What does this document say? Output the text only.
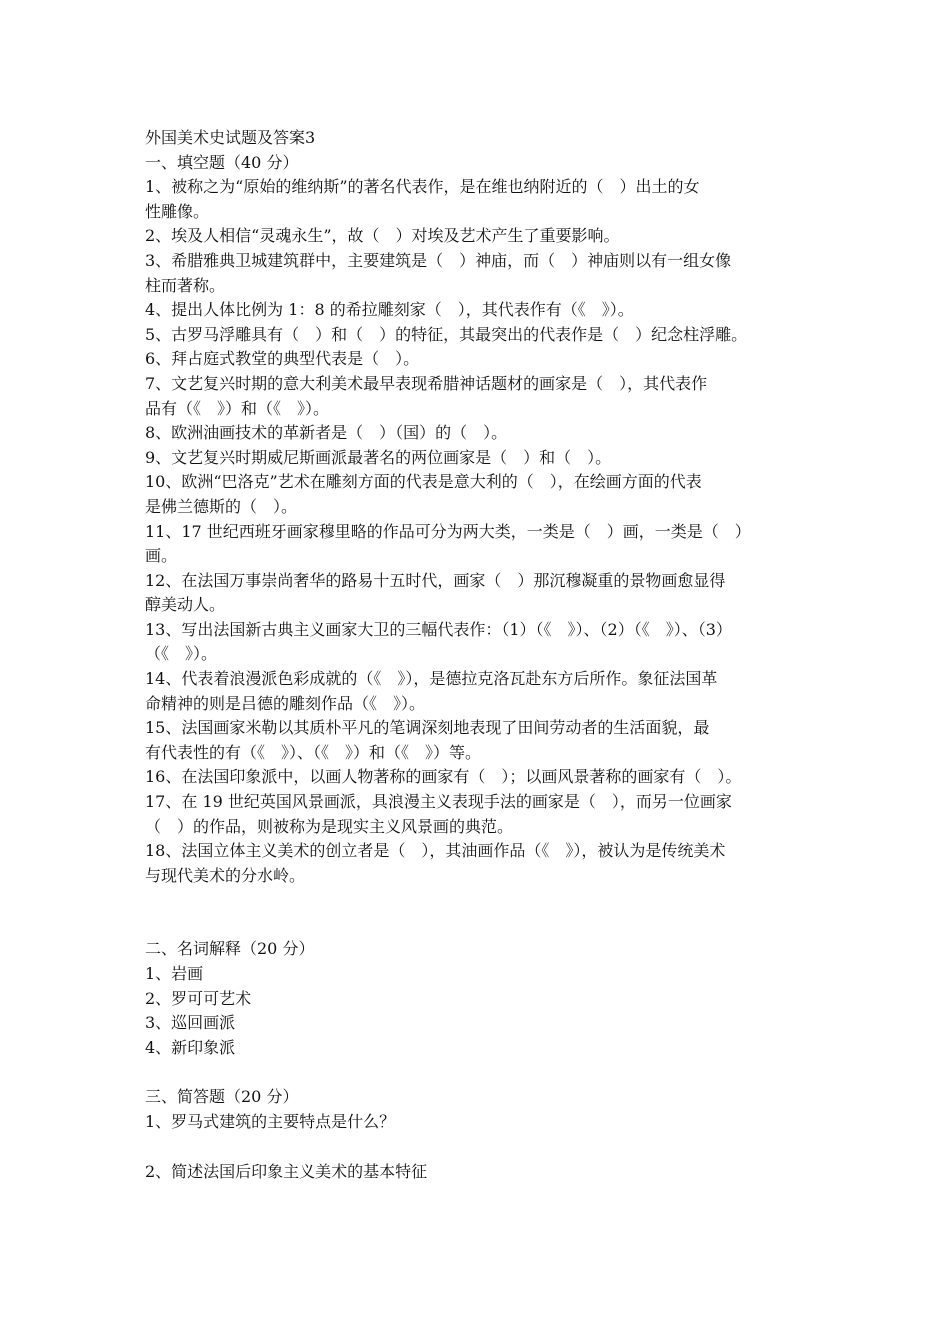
外国美术史试题及答案3

一、填空题（40 分）

1、被称之为“原始的维纳斯”的著名代表作，是在维也纳附近的（　）出土的女

性雕像。

2、埃及人相信“灵魂永生”，故（　）对埃及艺术产生了重要影响。

3、希腊雅典卫城建筑群中，主要建筑是（　）神庙，而（　）神庙则以有一组女像

柱而著称。

4、提出人体比例为 1：8 的希拉雕刻家（　），其代表作有（《　》）。

5、古罗马浮雕具有（　）和（　）的特征，其最突出的代表作是（　）纪念柱浮雕。

6、拜占庭式教堂的典型代表是（　）。

7、文艺复兴时期的意大利美术最早表现希腊神话题材的画家是（　），其代表作

品有（《　》）和（《　》）。

8、欧洲油画技术的革新者是（　）（国）的（　）。

9、文艺复兴时期威尼斯画派最著名的两位画家是（　）和（　）。

10、欧洲“巴洛克”艺术在雕刻方面的代表是意大利的（　），在绘画方面的代表

是佛兰德斯的（　）。

11、17 世纪西班牙画家穆里略的作品可分为两大类，一类是（　）画，一类是（　）

画。

12、在法国万事崇尚奢华的路易十五时代，画家（　）那沉穆凝重的景物画愈显得

醇美动人。

13、写出法国新古典主义画家大卫的三幅代表作：（1）（《　》）、（2）（《　》）、（3）

（《　》）。

14、代表着浪漫派色彩成就的（《　》），是德拉克洛瓦赴东方后所作。象征法国革

命精神的则是吕德的雕刻作品（《　》）。

15、法国画家米勒以其质朴平凡的笔调深刻地表现了田间劳动者的生活面貌，最

有代表性的有（《　》）、（《　》）和（《　》）等。

16、在法国印象派中，以画人物著称的画家有（　）；以画风景著称的画家有（　）。

17、在 19 世纪英国风景画派，具浪漫主义表现手法的画家是（　），而另一位画家

（　）的作品，则被称为是现实主义风景画的典范。

18、法国立体主义美术的创立者是（　），其油画作品（《　》），被认为是传统美术

与现代美术的分水岭。

二、名词解释（20 分）

1、岩画

2、罗可可艺术

3、巡回画派

4、新印象派

三、简答题（20 分）

1、罗马式建筑的主要特点是什么？

2、简述法国后印象主义美术的基本特征
